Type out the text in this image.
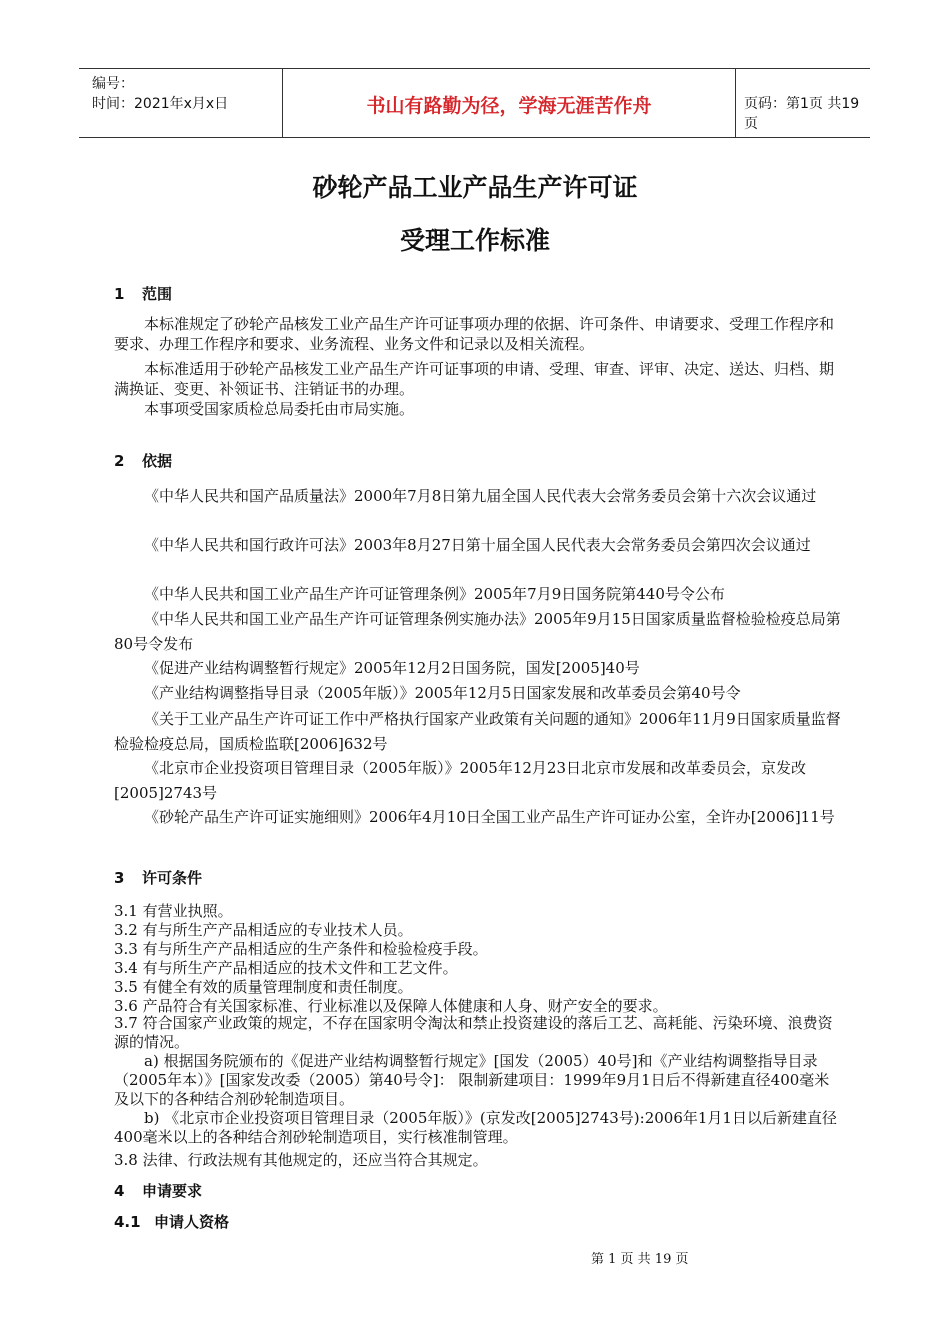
编号：
时间：2021年x月x日	书山有路勤为径，学海无涯苦作舟	页码：第1页 共19页
砂轮产品工业产品生产许可证
受理工作标准
1 范围
本标准规定了砂轮产品核发工业产品生产许可证事项办理的依据、许可条件、申请要求、受理工作程序和要求、办理工作程序和要求、业务流程、业务文件和记录以及相关流程。
本标准适用于砂轮产品核发工业产品生产许可证事项的申请、受理、审查、评审、决定、送达、归档、期满换证、变更、补领证书、注销证书的办理。
本事项受国家质检总局委托由市局实施。
2 依据
《中华人民共和国产品质量法》2000年7月8日第九届全国人民代表大会常务委员会第十六次会议通过
《中华人民共和国行政许可法》2003年8月27日第十届全国人民代表大会常务委员会第四次会议通过
《中华人民共和国工业产品生产许可证管理条例》2005年7月9日国务院第440号令公布
《中华人民共和国工业产品生产许可证管理条例实施办法》2005年9月15日国家质量监督检验检疫总局第80号令发布
《促进产业结构调整暂行规定》2005年12月2日国务院，国发[2005]40号
《产业结构调整指导目录（2005年版）》2005年12月5日国家发展和改革委员会第40号令
《关于工业产品生产许可证工作中严格执行国家产业政策有关问题的通知》2006年11月9日国家质量监督检验检疫总局，国质检监联[2006]632号
《北京市企业投资项目管理目录（2005年版）》2005年12月23日北京市发展和改革委员会，京发改[2005]2743号
《砂轮产品生产许可证实施细则》2006年4月10日全国工业产品生产许可证办公室，全许办[2006]11号
3 许可条件
3.1 有营业执照。
3.2 有与所生产产品相适应的专业技术人员。
3.3 有与所生产产品相适应的生产条件和检验检疫手段。
3.4 有与所生产产品相适应的技术文件和工艺文件。
3.5 有健全有效的质量管理制度和责任制度。
3.6 产品符合有关国家标准、行业标准以及保障人体健康和人身、财产安全的要求。
3.7 符合国家产业政策的规定，不存在国家明令淘汰和禁止投资建设的落后工艺、高耗能、污染环境、浪费资源的情况。
a) 根据国务院颁布的《促进产业结构调整暂行规定》[国发（2005）40号]和《产业结构调整指导目录（2005年本）》[国家发改委（2005）第40号令]： 限制新建项目：1999年9月1日后不得新建直径400毫米及以下的各种结合剂砂轮制造项目。
b) 《北京市企业投资项目管理目录（2005年版）》(京发改[2005]2743号):2006年1月1日以后新建直径400毫米以上的各种结合剂砂轮制造项目，实行核准制管理。
3.8 法律、行政法规有其他规定的，还应当符合其规定。
4 申请要求
4.1 申请人资格
第 1 页 共 19 页
